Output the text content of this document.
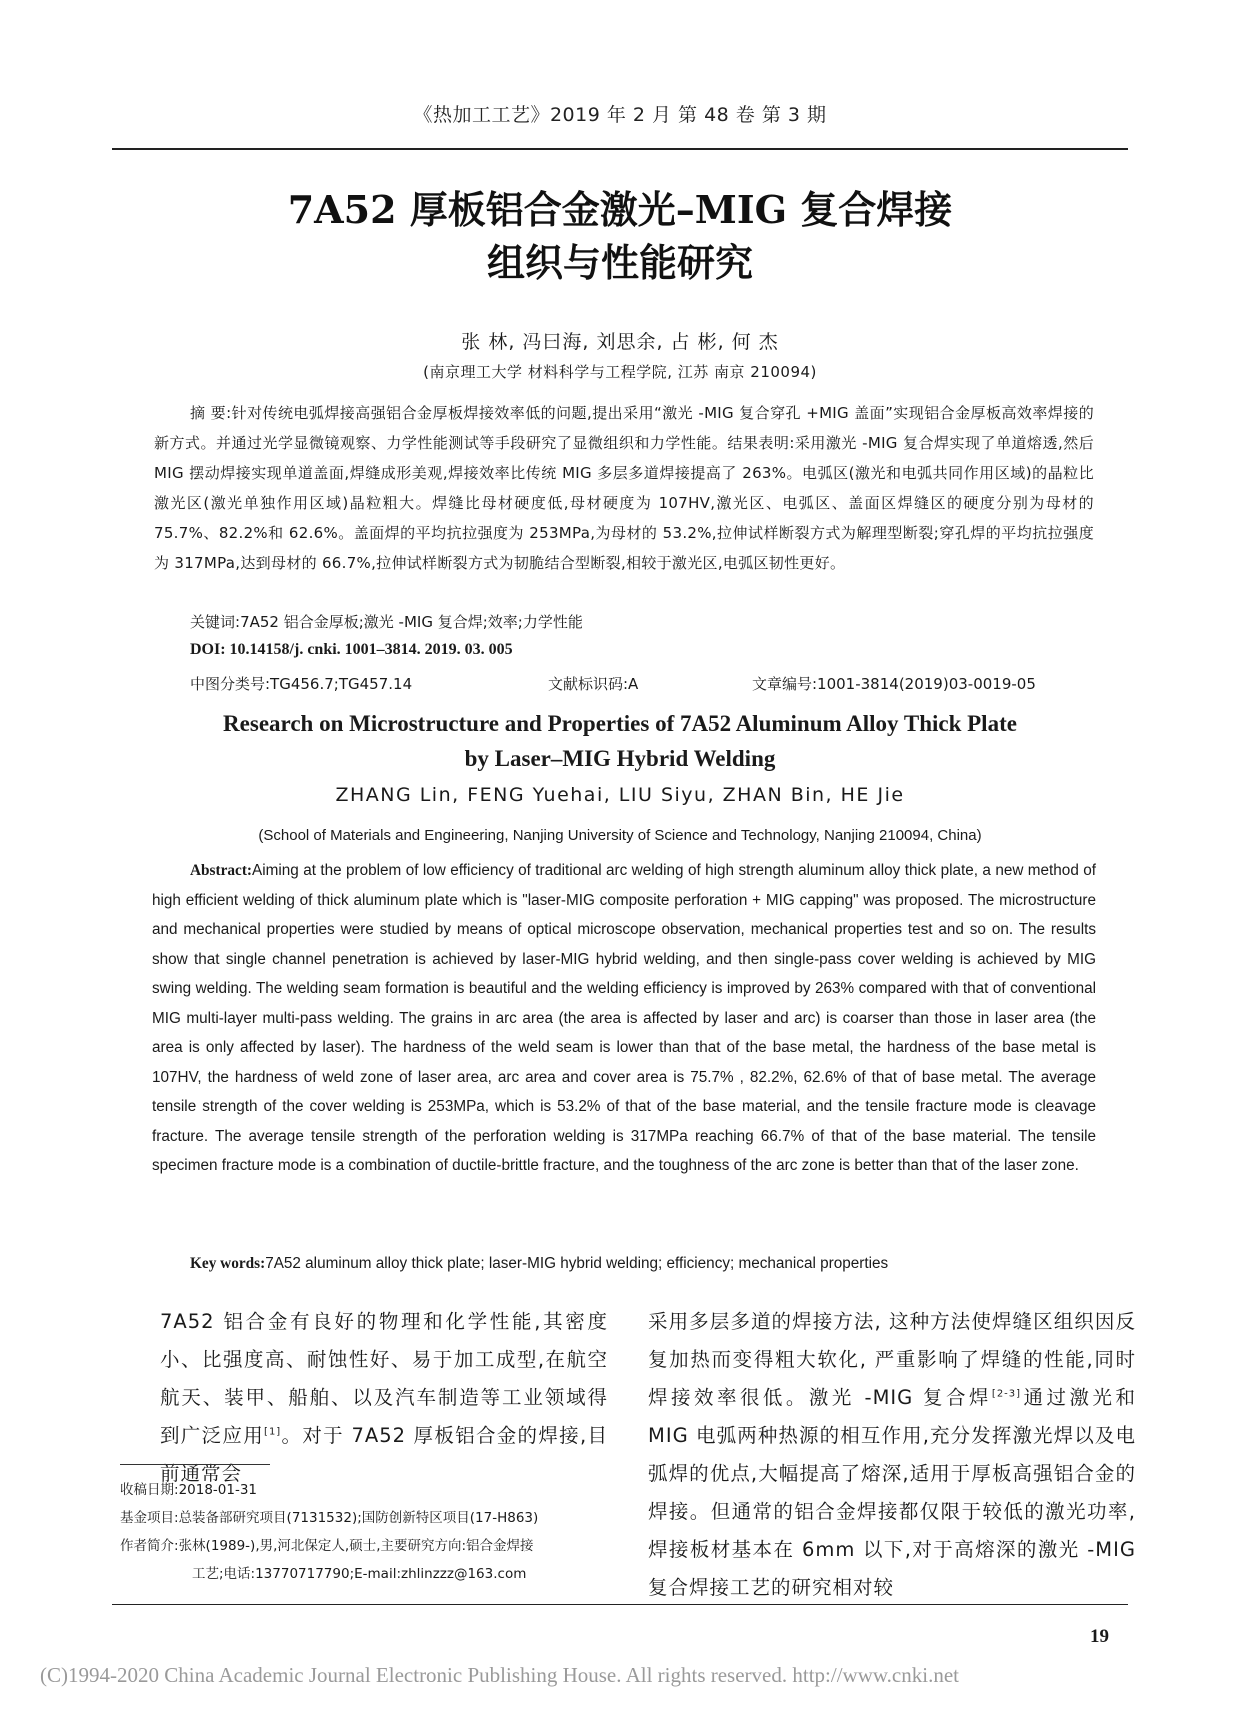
《热加工工艺》2019 年 2 月 第 48 卷 第 3 期
7A52 厚板铝合金激光–MIG 复合焊接
组织与性能研究
张 林, 冯曰海, 刘思余, 占 彬, 何 杰
(南京理工大学 材料科学与工程学院, 江苏 南京 210094)
摘 要:针对传统电弧焊接高强铝合金厚板焊接效率低的问题,提出采用“激光 -MIG 复合穿孔 +MIG 盖面”实现铝合金厚板高效率焊接的新方式。并通过光学显微镜观察、力学性能测试等手段研究了显微组织和力学性能。结果表明:采用激光 -MIG 复合焊实现了单道熔透,然后 MIG 摆动焊接实现单道盖面,焊缝成形美观,焊接效率比传统 MIG 多层多道焊接提高了 263%。电弧区(激光和电弧共同作用区域)的晶粒比激光区(激光单独作用区域)晶粒粗大。焊缝比母材硬度低,母材硬度为 107HV,激光区、电弧区、盖面区焊缝区的硬度分别为母材的 75.7%、82.2%和 62.6%。盖面焊的平均抗拉强度为 253MPa,为母材的 53.2%,拉伸试样断裂方式为解理型断裂;穿孔焊的平均抗拉强度为 317MPa,达到母材的 66.7%,拉伸试样断裂方式为韧脆结合型断裂,相较于激光区,电弧区韧性更好。
关键词:7A52 铝合金厚板;激光 -MIG 复合焊;效率;力学性能
DOI: 10.14158/j. cnki. 1001–3814. 2019. 03. 005
中图分类号:TG456.7;TG457.14	文献标识码:A	文章编号:1001-3814(2019)03-0019-05
Research on Microstructure and Properties of 7A52 Aluminum Alloy Thick Plate
by Laser–MIG Hybrid Welding
ZHANG Lin, FENG Yuehai, LIU Siyu, ZHAN Bin, HE Jie
(School of Materials and Engineering, Nanjing University of Science and Technology, Nanjing 210094, China)
Abstract:Aiming at the problem of low efficiency of traditional arc welding of high strength aluminum alloy thick plate, a new method of high efficient welding of thick aluminum plate which is "laser-MIG composite perforation + MIG capping" was proposed. The microstructure and mechanical properties were studied by means of optical microscope observation, mechanical properties test and so on. The results show that single channel penetration is achieved by laser-MIG hybrid welding, and then single-pass cover welding is achieved by MIG swing welding. The welding seam formation is beautiful and the welding efficiency is improved by 263% compared with that of conventional MIG multi-layer multi-pass welding. The grains in arc area (the area is affected by laser and arc) is coarser than those in laser area (the area is only affected by laser). The hardness of the weld seam is lower than that of the base metal, the hardness of the base metal is 107HV, the hardness of weld zone of laser area, arc area and cover area is 75.7% , 82.2%, 62.6% of that of base metal. The average tensile strength of the cover welding is 253MPa, which is 53.2% of that of the base material, and the tensile fracture mode is cleavage fracture. The average tensile strength of the perforation welding is 317MPa reaching 66.7% of that of the base material. The tensile specimen fracture mode is a combination of ductile-brittle fracture, and the toughness of the arc zone is better than that of the laser zone.
Key words:7A52 aluminum alloy thick plate; laser-MIG hybrid welding; efficiency; mechanical properties
7A52 铝合金有良好的物理和化学性能,其密度小、比强度高、耐蚀性好、易于加工成型,在航空航天、装甲、船舶、以及汽车制造等工业领域得到广泛应用[1]。对于 7A52 厚板铝合金的焊接,目前通常会
采用多层多道的焊接方法, 这种方法使焊缝区组织因反复加热而变得粗大软化, 严重影响了焊缝的性能,同时焊接效率很低。激光 -MIG 复合焊[2-3]通过激光和 MIG 电弧两种热源的相互作用,充分发挥激光焊以及电弧焊的优点,大幅提高了熔深,适用于厚板高强铝合金的焊接。但通常的铝合金焊接都仅限于较低的激光功率,焊接板材基本在 6mm 以下,对于高熔深的激光 -MIG 复合焊接工艺的研究相对较
收稿日期:2018-01-31
基金项目:总装备部研究项目(7131532);国防创新特区项目(17-H863)
作者简介:张林(1989-),男,河北保定人,硕士,主要研究方向:铝合金焊接
工艺;电话:13770717790;E-mail:zhlinzzz@163.com
19
(C)1994-2020 China Academic Journal Electronic Publishing House. All rights reserved. http://www.cnki.net
